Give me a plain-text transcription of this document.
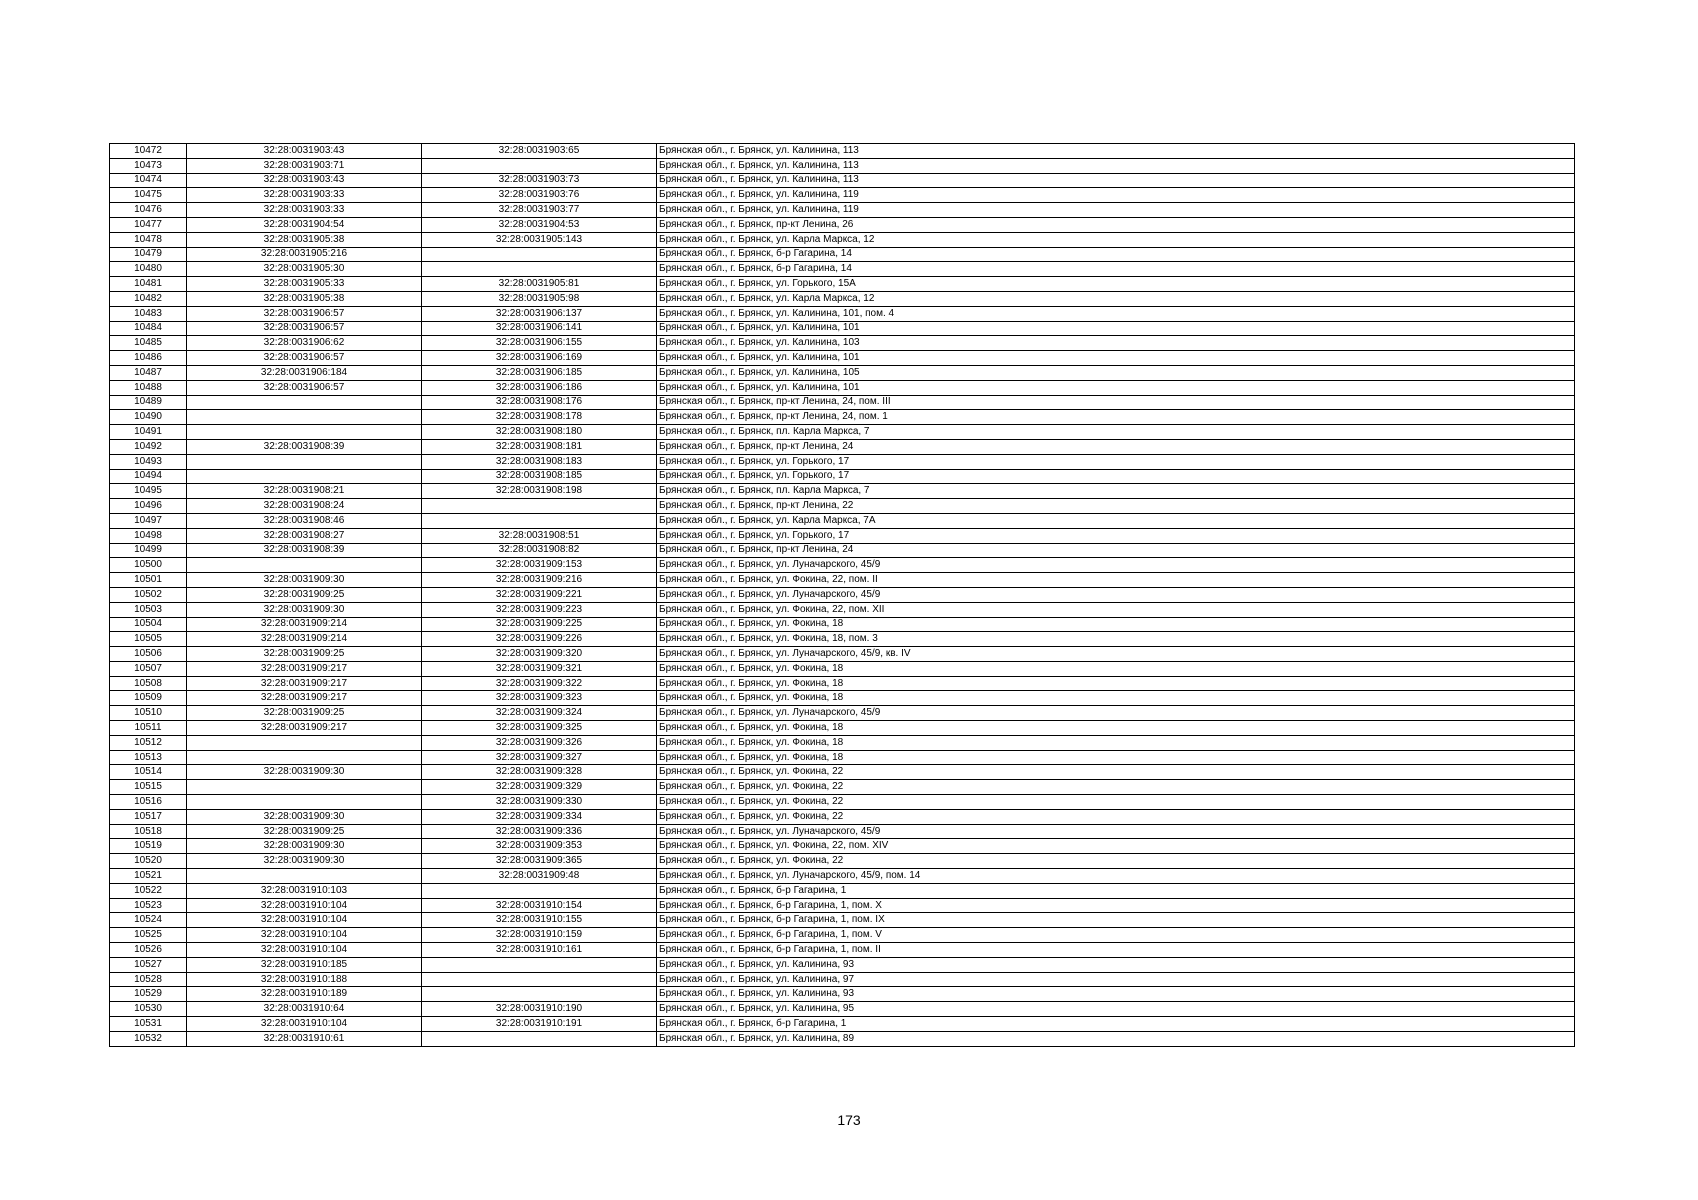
10472	32:28:0031903:43	32:28:0031903:65	Брянская обл., г. Брянск, ул. Калинина, 113
10473	32:28:0031903:71		Брянская обл., г. Брянск, ул. Калинина, 113
10474	32:28:0031903:43	32:28:0031903:73	Брянская обл., г. Брянск, ул. Калинина, 113
10475	32:28:0031903:33	32:28:0031903:76	Брянская обл., г. Брянск, ул. Калинина, 119
10476	32:28:0031903:33	32:28:0031903:77	Брянская обл., г. Брянск, ул. Калинина, 119
10477	32:28:0031904:54	32:28:0031904:53	Брянская обл., г. Брянск, пр-кт Ленина, 26
10478	32:28:0031905:38	32:28:0031905:143	Брянская обл., г. Брянск, ул. Карла Маркса, 12
10479	32:28:0031905:216		Брянская обл., г. Брянск, б-р Гагарина, 14
10480	32:28:0031905:30		Брянская обл., г. Брянск, б-р Гагарина, 14
10481	32:28:0031905:33	32:28:0031905:81	Брянская обл., г. Брянск, ул. Горького, 15А
10482	32:28:0031905:38	32:28:0031905:98	Брянская обл., г. Брянск, ул. Карла Маркса, 12
10483	32:28:0031906:57	32:28:0031906:137	Брянская обл., г. Брянск, ул. Калинина, 101, пом. 4
10484	32:28:0031906:57	32:28:0031906:141	Брянская обл., г. Брянск, ул. Калинина, 101
10485	32:28:0031906:62	32:28:0031906:155	Брянская обл., г. Брянск, ул. Калинина, 103
10486	32:28:0031906:57	32:28:0031906:169	Брянская обл., г. Брянск, ул. Калинина, 101
10487	32:28:0031906:184	32:28:0031906:185	Брянская обл., г. Брянск, ул. Калинина, 105
10488	32:28:0031906:57	32:28:0031906:186	Брянская обл., г. Брянск, ул. Калинина, 101
10489		32:28:0031908:176	Брянская обл., г. Брянск, пр-кт Ленина, 24, пом. III
10490		32:28:0031908:178	Брянская обл., г. Брянск, пр-кт Ленина, 24, пом. 1
10491		32:28:0031908:180	Брянская обл., г. Брянск, пл. Карла Маркса, 7
10492	32:28:0031908:39	32:28:0031908:181	Брянская обл., г. Брянск, пр-кт Ленина, 24
10493		32:28:0031908:183	Брянская обл., г. Брянск, ул. Горького, 17
10494		32:28:0031908:185	Брянская обл., г. Брянск, ул. Горького, 17
10495	32:28:0031908:21	32:28:0031908:198	Брянская обл., г. Брянск, пл. Карла Маркса, 7
10496	32:28:0031908:24		Брянская обл., г. Брянск, пр-кт Ленина, 22
10497	32:28:0031908:46		Брянская обл., г. Брянск, ул. Карла Маркса, 7А
10498	32:28:0031908:27	32:28:0031908:51	Брянская обл., г. Брянск, ул. Горького, 17
10499	32:28:0031908:39	32:28:0031908:82	Брянская обл., г. Брянск, пр-кт Ленина, 24
10500		32:28:0031909:153	Брянская обл., г. Брянск, ул. Луначарского, 45/9
10501	32:28:0031909:30	32:28:0031909:216	Брянская обл., г. Брянск, ул. Фокина, 22, пом. II
10502	32:28:0031909:25	32:28:0031909:221	Брянская обл., г. Брянск, ул. Луначарского, 45/9
10503	32:28:0031909:30	32:28:0031909:223	Брянская обл., г. Брянск, ул. Фокина, 22, пом. XII
10504	32:28:0031909:214	32:28:0031909:225	Брянская обл., г. Брянск, ул. Фокина, 18
10505	32:28:0031909:214	32:28:0031909:226	Брянская обл., г. Брянск, ул. Фокина, 18, пом. 3
10506	32:28:0031909:25	32:28:0031909:320	Брянская обл., г. Брянск, ул. Луначарского, 45/9, кв. IV
10507	32:28:0031909:217	32:28:0031909:321	Брянская обл., г. Брянск, ул. Фокина, 18
10508	32:28:0031909:217	32:28:0031909:322	Брянская обл., г. Брянск, ул. Фокина, 18
10509	32:28:0031909:217	32:28:0031909:323	Брянская обл., г. Брянск, ул. Фокина, 18
10510	32:28:0031909:25	32:28:0031909:324	Брянская обл., г. Брянск, ул. Луначарского, 45/9
10511	32:28:0031909:217	32:28:0031909:325	Брянская обл., г. Брянск, ул. Фокина, 18
10512		32:28:0031909:326	Брянская обл., г. Брянск, ул. Фокина, 18
10513		32:28:0031909:327	Брянская обл., г. Брянск, ул. Фокина, 18
10514	32:28:0031909:30	32:28:0031909:328	Брянская обл., г. Брянск, ул. Фокина, 22
10515		32:28:0031909:329	Брянская обл., г. Брянск, ул. Фокина, 22
10516		32:28:0031909:330	Брянская обл., г. Брянск, ул. Фокина, 22
10517	32:28:0031909:30	32:28:0031909:334	Брянская обл., г. Брянск, ул. Фокина, 22
10518	32:28:0031909:25	32:28:0031909:336	Брянская обл., г. Брянск, ул. Луначарского, 45/9
10519	32:28:0031909:30	32:28:0031909:353	Брянская обл., г. Брянск, ул. Фокина, 22, пом. XIV
10520	32:28:0031909:30	32:28:0031909:365	Брянская обл., г. Брянск, ул. Фокина, 22
10521		32:28:0031909:48	Брянская обл., г. Брянск, ул. Луначарского, 45/9, пом. 14
10522	32:28:0031910:103		Брянская обл., г. Брянск, б-р Гагарина, 1
10523	32:28:0031910:104	32:28:0031910:154	Брянская обл., г. Брянск, б-р Гагарина, 1, пом. X
10524	32:28:0031910:104	32:28:0031910:155	Брянская обл., г. Брянск, б-р Гагарина, 1, пом. IX
10525	32:28:0031910:104	32:28:0031910:159	Брянская обл., г. Брянск, б-р Гагарина, 1, пом. V
10526	32:28:0031910:104	32:28:0031910:161	Брянская обл., г. Брянск, б-р Гагарина, 1, пом. II
10527	32:28:0031910:185		Брянская обл., г. Брянск, ул. Калинина, 93
10528	32:28:0031910:188		Брянская обл., г. Брянск, ул. Калинина, 97
10529	32:28:0031910:189		Брянская обл., г. Брянск, ул. Калинина, 93
10530	32:28:0031910:64	32:28:0031910:190	Брянская обл., г. Брянск, ул. Калинина, 95
10531	32:28:0031910:104	32:28:0031910:191	Брянская обл., г. Брянск, б-р Гагарина, 1
10532	32:28:0031910:61		Брянская обл., г. Брянск, ул. Калинина, 89
173
